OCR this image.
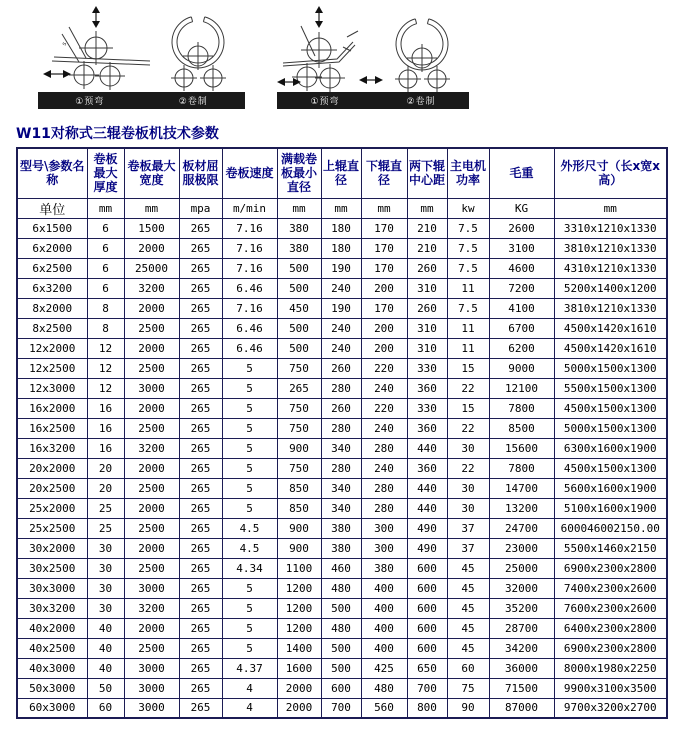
s
①预弯	②卷制	①预弯	②卷制
W11对称式三辊卷板机技术参数
型号\参数名称	卷板最大厚度	卷板最大宽度	板材屈服极限	卷板速度	满载卷板最小直径	上辊直径	下辊直径	两下辊中心距	主电机功率	毛重	外形尺寸（长x宽x高）
单位	mm	mm	mpa	m/min	mm	mm	mm	mm	kw	KG	mm
6x1500	6	1500	265	7.16	380	180	170	210	7.5	2600	3310x1210x1330
6x2000	6	2000	265	7.16	380	180	170	210	7.5	3100	3810x1210x1330
6x2500	6	25000	265	7.16	500	190	170	260	7.5	4600	4310x1210x1330
6x3200	6	3200	265	6.46	500	240	200	310	11	7200	5200x1400x1200
8x2000	8	2000	265	7.16	450	190	170	260	7.5	4100	3810x1210x1330
8x2500	8	2500	265	6.46	500	240	200	310	11	6700	4500x1420x1610
12x2000	12	2000	265	6.46	500	240	200	310	11	6200	4500x1420x1610
12x2500	12	2500	265	5	750	260	220	330	15	9000	5000x1500x1300
12x3000	12	3000	265	5	265	280	240	360	22	12100	5500x1500x1300
16x2000	16	2000	265	5	750	260	220	330	15	7800	4500x1500x1300
16x2500	16	2500	265	5	750	280	240	360	22	8500	5000x1500x1300
16x3200	16	3200	265	5	900	340	280	440	30	15600	6300x1600x1900
20x2000	20	2000	265	5	750	280	240	360	22	7800	4500x1500x1300
20x2500	20	2500	265	5	850	340	280	440	30	14700	5600x1600x1900
25x2000	25	2000	265	5	850	340	280	440	30	13200	5100x1600x1900
25x2500	25	2500	265	4.5	900	380	300	490	37	24700	600046002150.00
30x2000	30	2000	265	4.5	900	380	300	490	37	23000	5500x1460x2150
30x2500	30	2500	265	4.34	1100	460	380	600	45	25000	6900x2300x2800
30x3000	30	3000	265	5	1200	480	400	600	45	32000	7400x2300x2600
30x3200	30	3200	265	5	1200	500	400	600	45	35200	7600x2300x2600
40x2000	40	2000	265	5	1200	480	400	600	45	28700	6400x2300x2800
40x2500	40	2500	265	5	1400	500	400	600	45	34200	6900x2300x2800
40x3000	40	3000	265	4.37	1600	500	425	650	60	36000	8000x1980x2250
50x3000	50	3000	265	4	2000	600	480	700	75	71500	9900x3100x3500
60x3000	60	3000	265	4	2000	700	560	800	90	87000	9700x3200x2700
